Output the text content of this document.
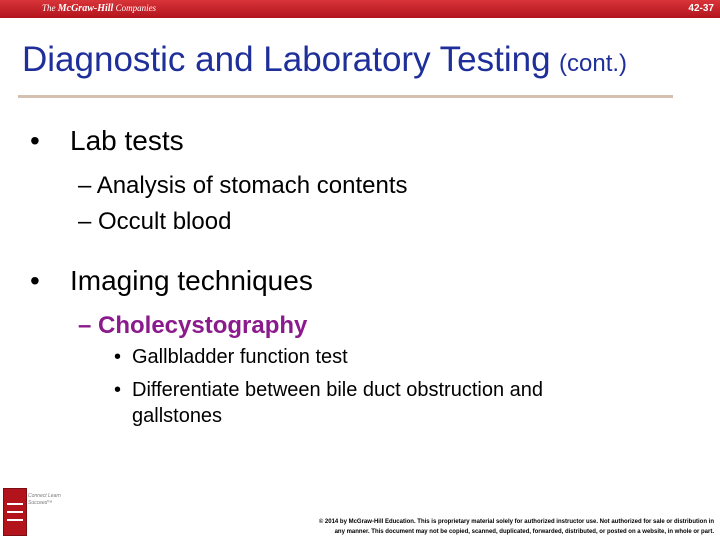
The McGraw-Hill Companies	42-37
Diagnostic and Laboratory Testing (cont.)
• Lab tests
– Analysis of stomach contents
– Occult blood
• Imaging techniques
– Cholecystography
• Gallbladder function test
• Differentiate between bile duct obstruction and
gallstones
Connect Learn Succeed™
© 2014 by McGraw-Hill Education. This is proprietary material solely for authorized instructor use. Not authorized for sale or distribution in
any manner. This document may not be copied, scanned, duplicated, forwarded, distributed, or posted on a website, in whole or part.
